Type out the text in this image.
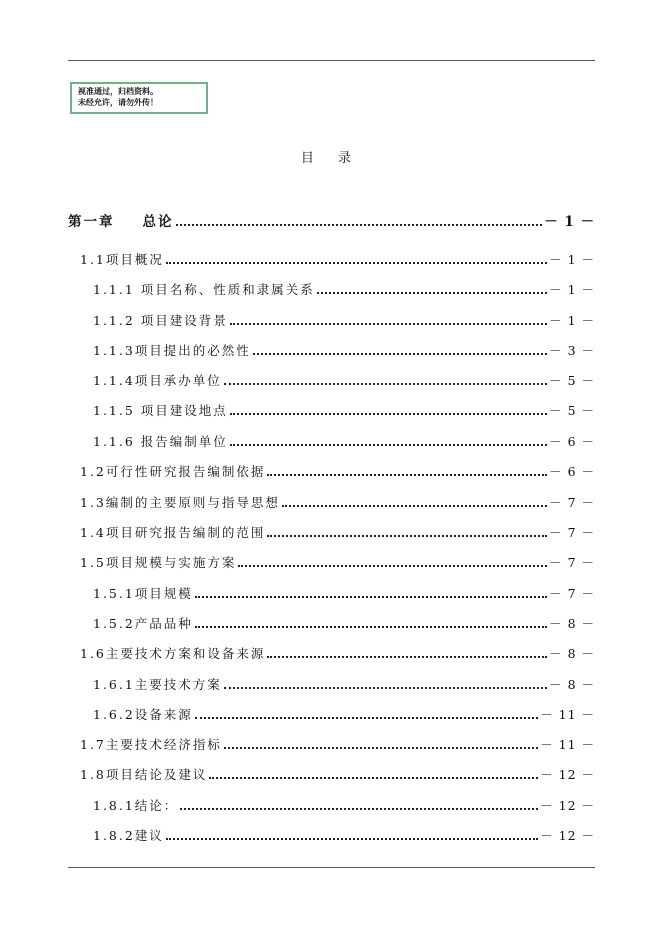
视准通过，归档资料。
未经允许，请勿外传！
目 录
第一章 总论	－ 1 －
1.1项目概况	－ 1 －
1.1.1 项目名称、性质和隶属关系	－ 1 －
1.1.2 项目建设背景	－ 1 －
1.1.3项目提出的必然性	－ 3 －
1.1.4项目承办单位	－ 5 －
1.1.5 项目建设地点	－ 5 －
1.1.6 报告编制单位	－ 6 －
1.2可行性研究报告编制依据	－ 6 －
1.3编制的主要原则与指导思想	－ 7 －
1.4项目研究报告编制的范围	－ 7 －
1.5项目规模与实施方案	－ 7 －
1.5.1项目规模	－ 7 －
1.5.2产品品种	－ 8 －
1.6主要技术方案和设备来源	－ 8 －
1.6.1主要技术方案	－ 8 －
1.6.2设备来源	－ 11 －
1.7主要技术经济指标	－ 11 －
1.8项目结论及建议	－ 12 －
1.8.1结论：	－ 12 －
1.8.2建议	－ 12 －
